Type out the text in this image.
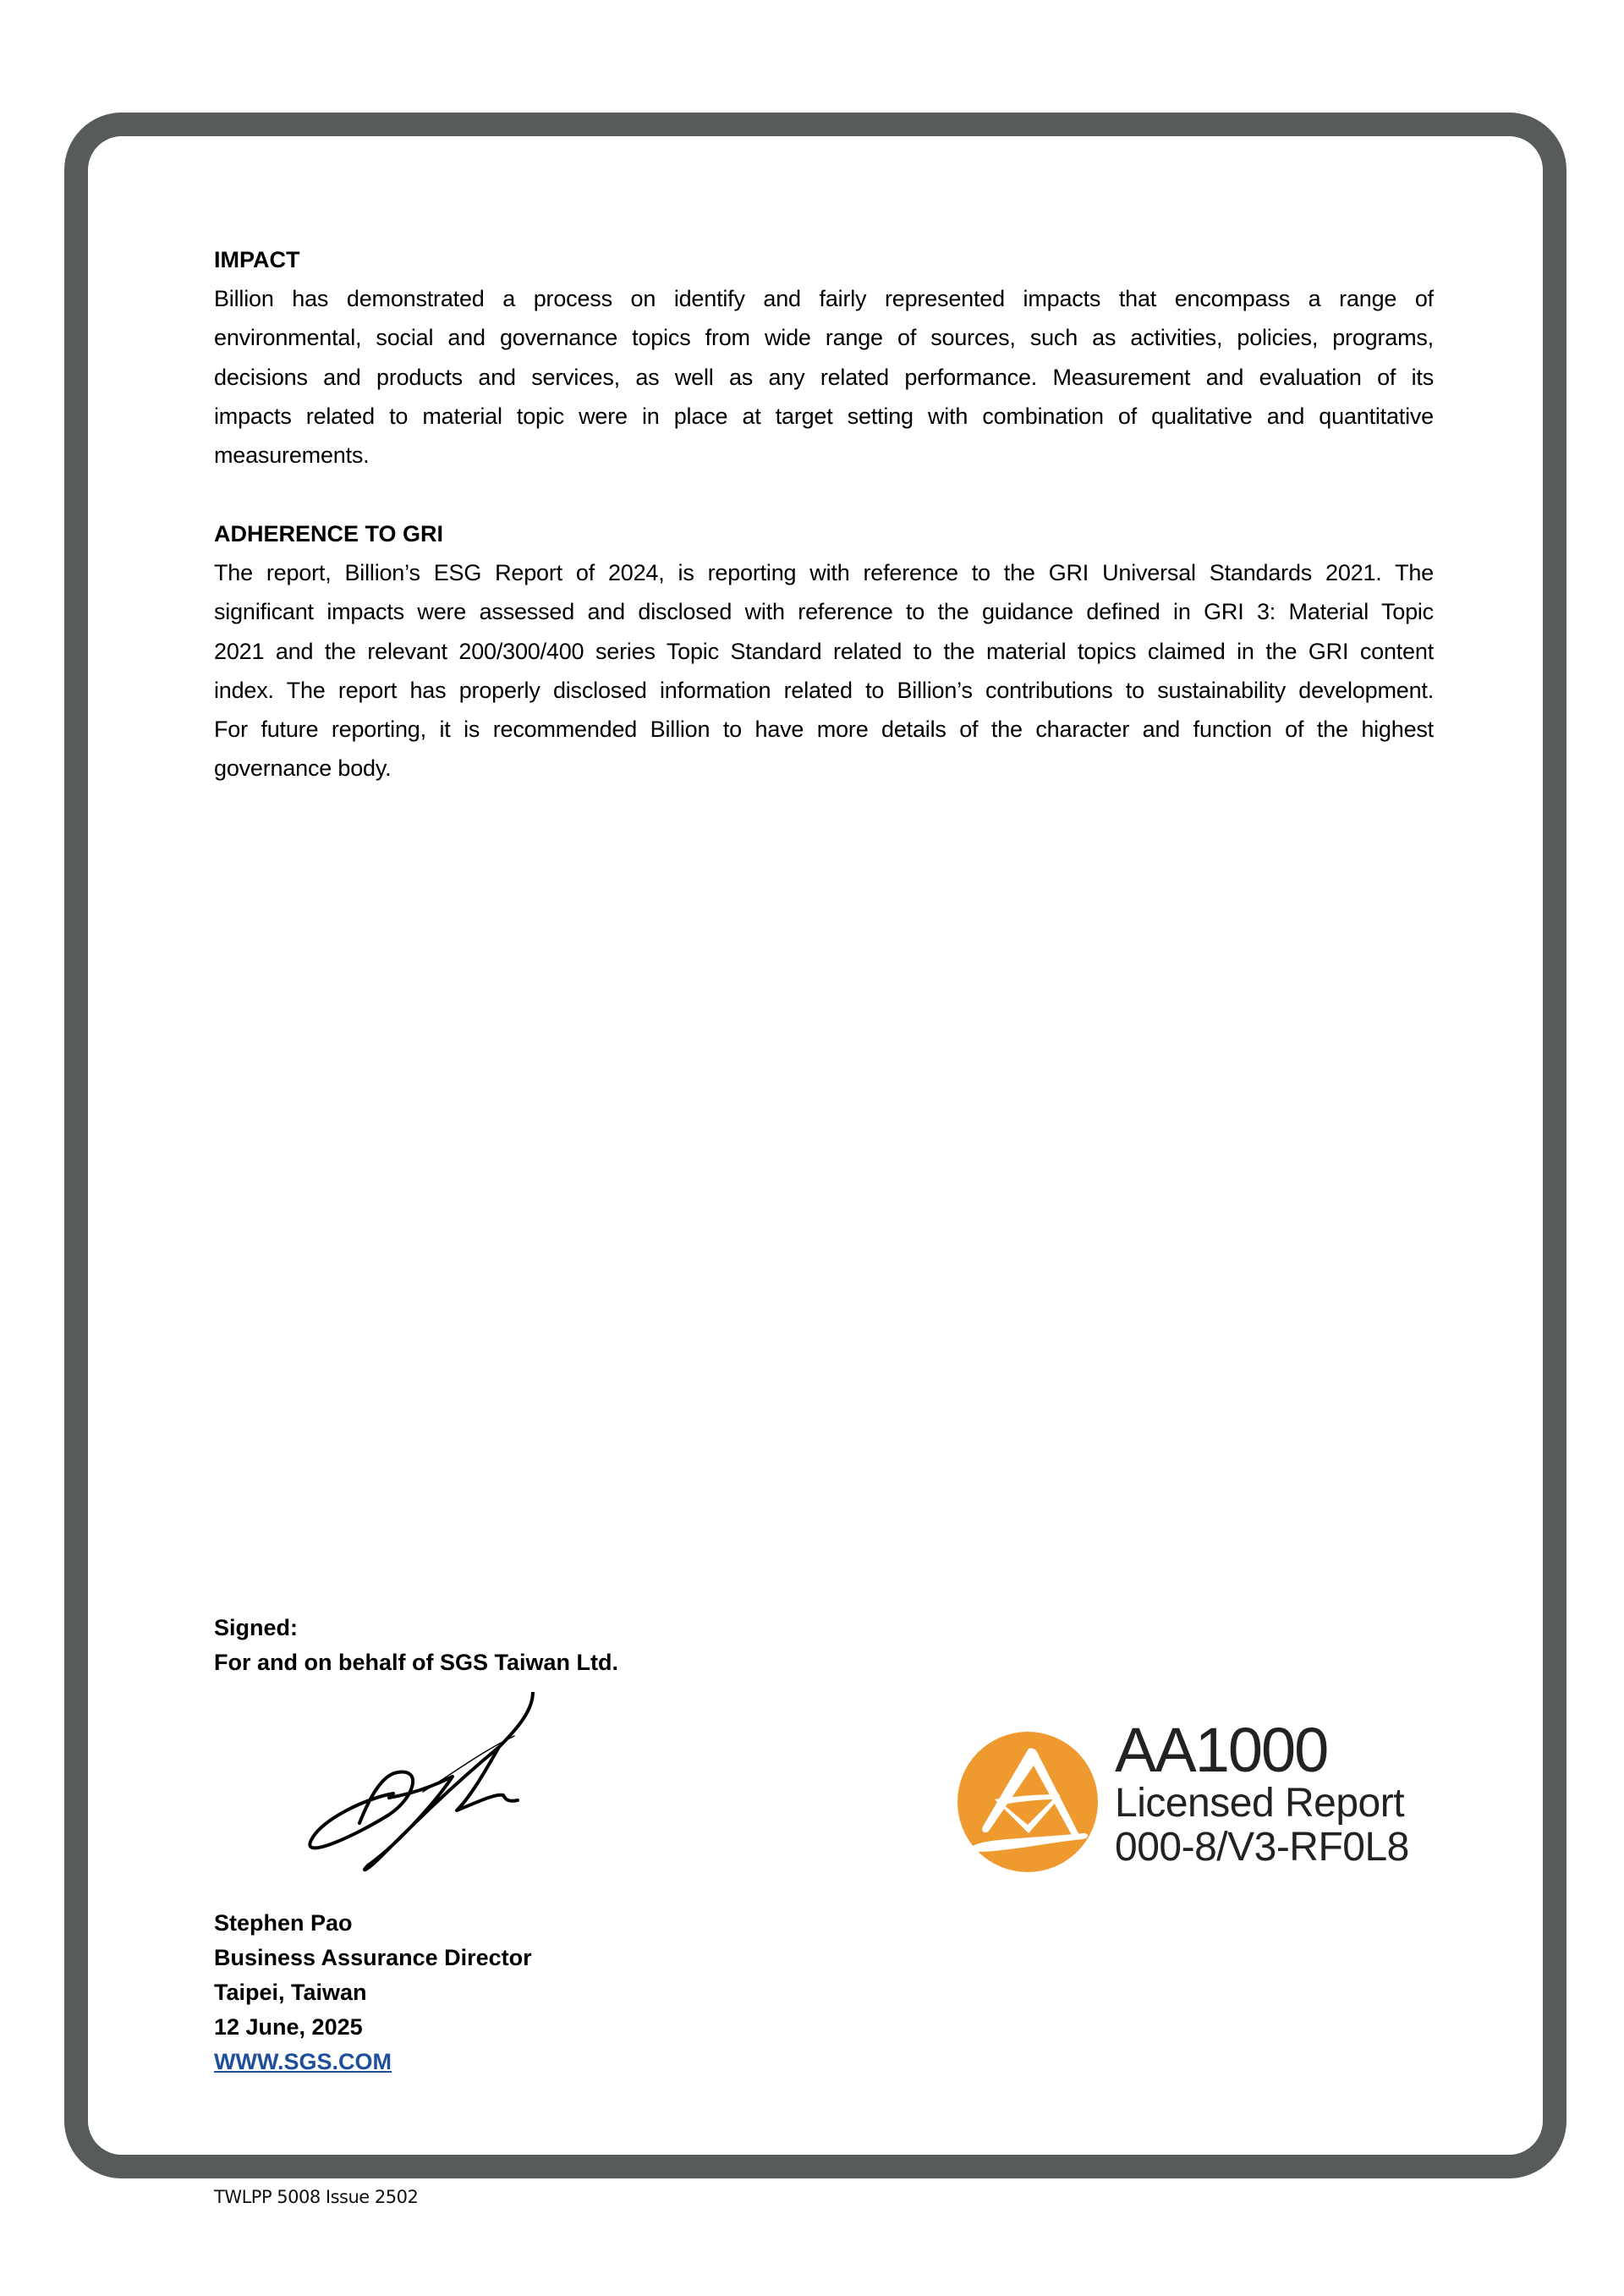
IMPACT

Billion has demonstrated a process on identify and fairly represented impacts that encompass a range of
environmental, social and governance topics from wide range of sources, such as activities, policies, programs,
decisions and products and services, as well as any related performance. Measurement and evaluation of its
impacts related to material topic were in place at target setting with combination of qualitative and quantitative
measurements.

ADHERENCE TO GRI

The report, Billion’s ESG Report of 2024, is reporting with reference to the GRI Universal Standards 2021. The
significant impacts were assessed and disclosed with reference to the guidance defined in GRI 3: Material Topic
2021 and the relevant 200/300/400 series Topic Standard related to the material topics claimed in the GRI content
index. The report has properly disclosed information related to Billion’s contributions to sustainability development.
For future reporting, it is recommended Billion to have more details of the character and function of the highest
governance body.

Signed:

For and on behalf of SGS Taiwan Ltd.

Stephen Pao

Business Assurance Director

Taipei, Taiwan

12 June, 2025

WWW.SGS.COM

AA1000

Licensed Report

000-8/V3-RF0L8

TWLPP 5008 Issue 2502
